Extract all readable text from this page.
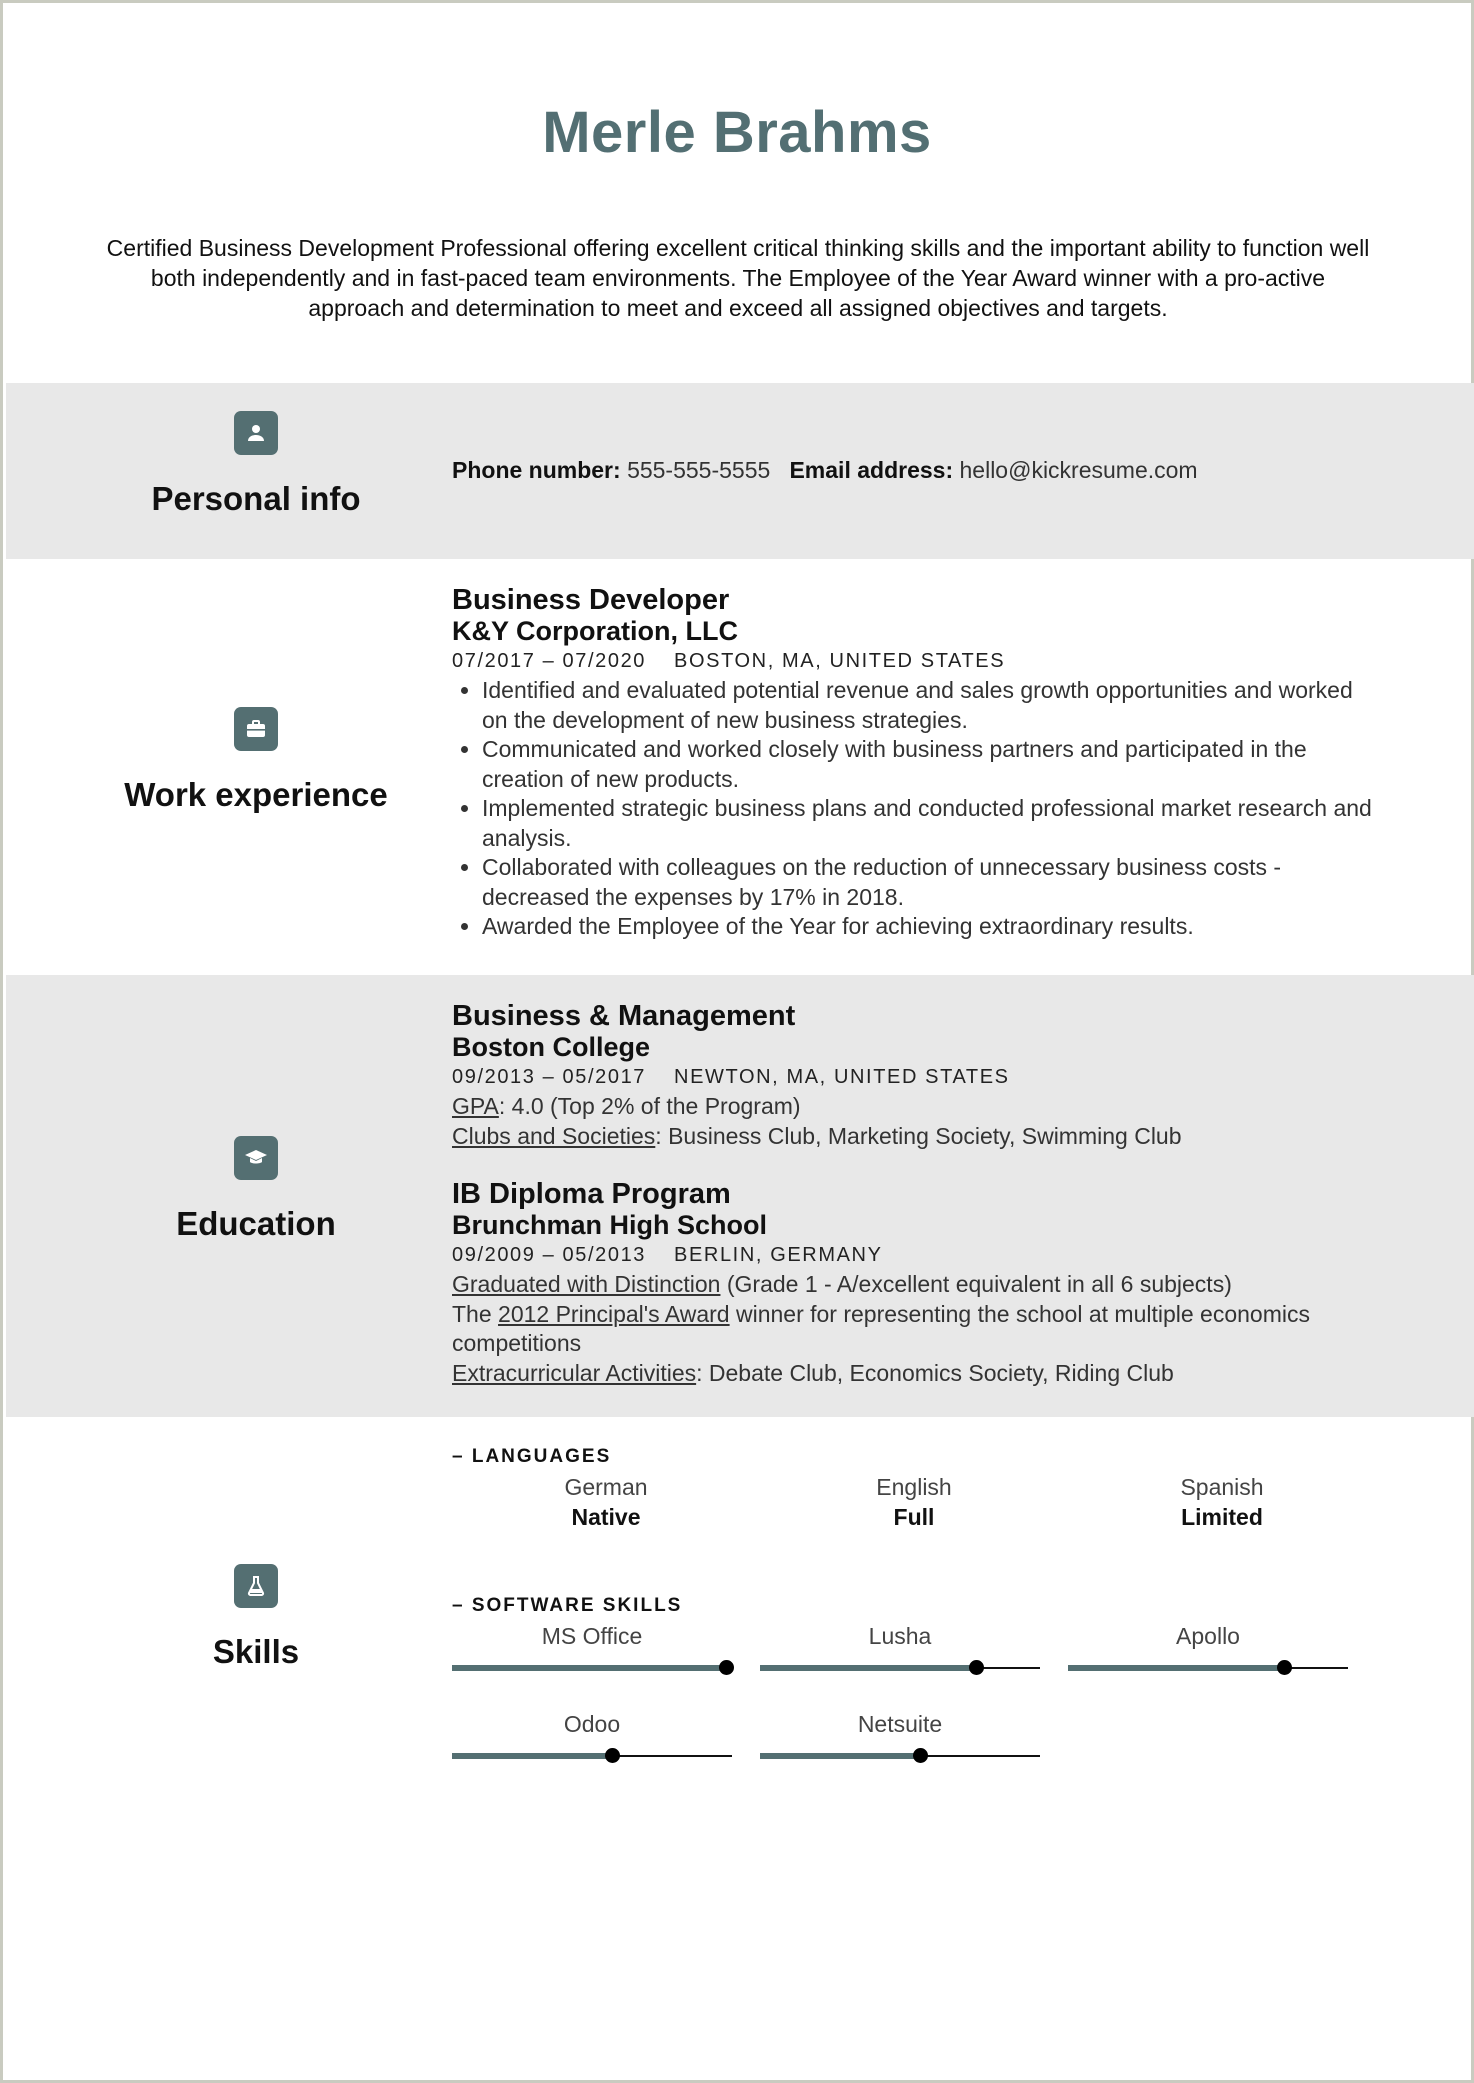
Merle Brahms
Certified Business Development Professional offering excellent critical thinking skills and the important ability to function well both independently and in fast-paced team environments. The Employee of the Year Award winner with a pro-active approach and determination to meet and exceed all assigned objectives and targets.
Personal info
Phone number: 555-555-5555 Email address: hello@kickresume.com
Work experience
Business Developer
K&Y Corporation, LLC
07/2017 – 07/2020 BOSTON, MA, UNITED STATES
• Identified and evaluated potential revenue and sales growth opportunities and worked on the development of new business strategies.
• Communicated and worked closely with business partners and participated in the creation of new products.
• Implemented strategic business plans and conducted professional market research and analysis.
• Collaborated with colleagues on the reduction of unnecessary business costs - decreased the expenses by 17% in 2018.
• Awarded the Employee of the Year for achieving extraordinary results.
Education
Business & Management
Boston College
09/2013 – 05/2017 NEWTON, MA, UNITED STATES
GPA: 4.0 (Top 2% of the Program)
Clubs and Societies: Business Club, Marketing Society, Swimming Club
IB Diploma Program
Brunchman High School
09/2009 – 05/2013 BERLIN, GERMANY
Graduated with Distinction (Grade 1 - A/excellent equivalent in all 6 subjects)
The 2012 Principal's Award winner for representing the school at multiple economics competitions
Extracurricular Activities: Debate Club, Economics Society, Riding Club
Skills
– LANGUAGES
German
Native
English
Full
Spanish
Limited
– SOFTWARE SKILLS
MS Office	Lusha	Apollo
Odoo	Netsuite
